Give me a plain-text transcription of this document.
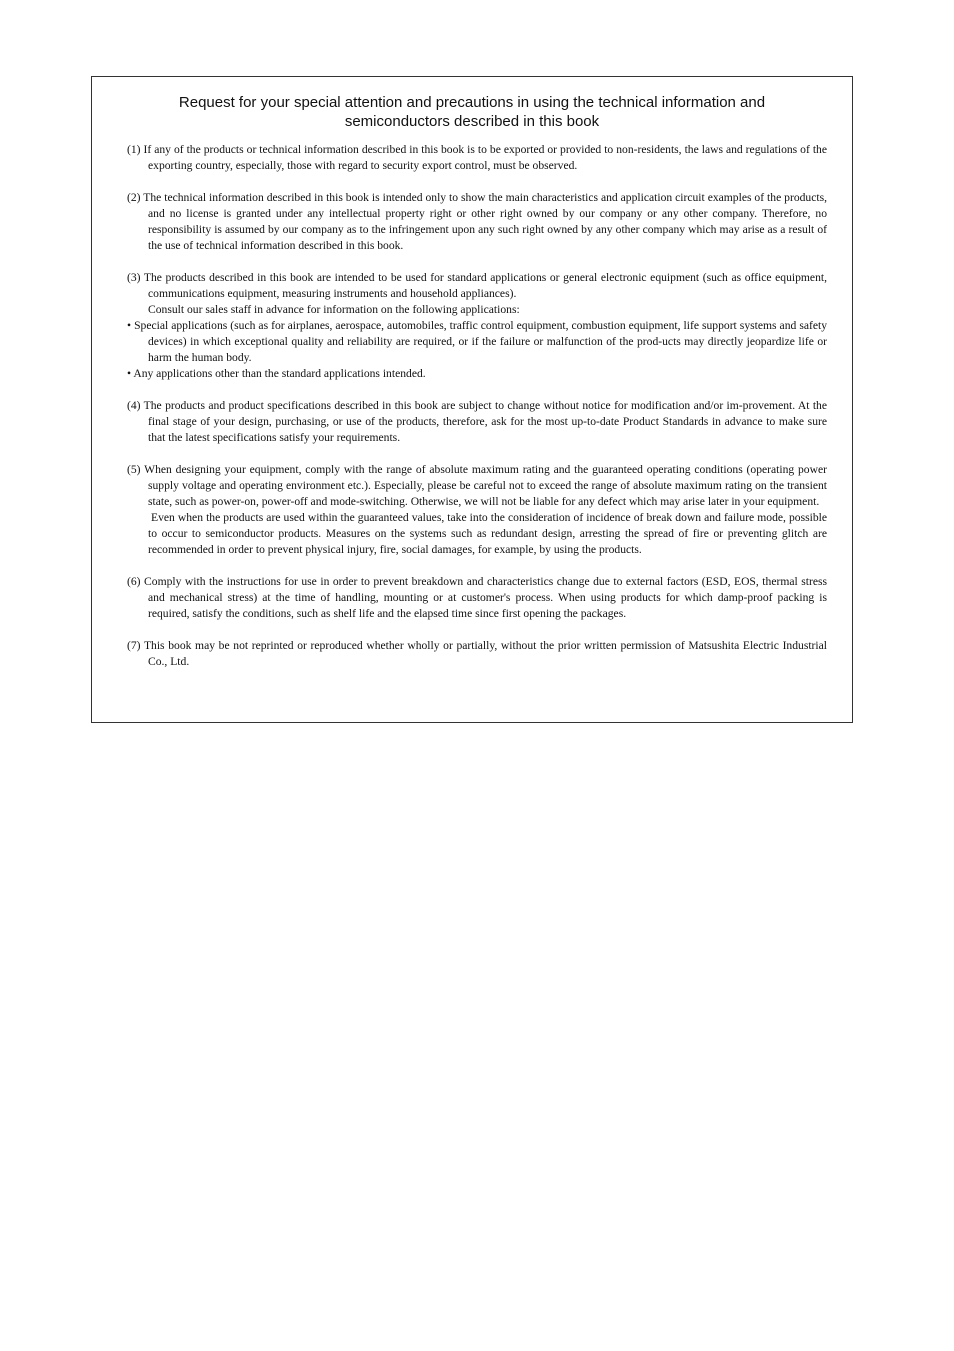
Request for your special attention and precautions in using the technical information and
semiconductors described in this book

(1) If any of the products or technical information described in this book is to be exported or provided to non-residents, the laws and regulations of the exporting country, especially, those with regard to security export control, must be observed.

(2) The technical information described in this book is intended only to show the main characteristics and application circuit examples of the products, and no license is granted under any intellectual property right or other right owned by our company or any other company. Therefore, no responsibility is assumed by our company as to the infringement upon any such right owned by any other company which may arise as a result of the use of technical information described in this book.

(3) The products described in this book are intended to be used for standard applications or general electronic equipment (such as office equipment, communications equipment, measuring instruments and household appliances).

Consult our sales staff in advance for information on the following applications:

• Special applications (such as for airplanes, aerospace, automobiles, traffic control equipment, combustion equipment, life support systems and safety devices) in which exceptional quality and reliability are required, or if the failure or malfunction of the prod-ucts may directly jeopardize life or harm the human body.

• Any applications other than the standard applications intended.

(4) The products and product specifications described in this book are subject to change without notice for modification and/or im-provement. At the final stage of your design, purchasing, or use of the products, therefore, ask for the most up-to-date Product Standards in advance to make sure that the latest specifications satisfy your requirements.

(5) When designing your equipment, comply with the range of absolute maximum rating and the guaranteed operating conditions (operating power supply voltage and operating environment etc.). Especially, please be careful not to exceed the range of absolute maximum rating on the transient state, such as power-on, power-off and mode-switching. Otherwise, we will not be liable for any defect which may arise later in your equipment.

Even when the products are used within the guaranteed values, take into the consideration of incidence of break down and failure mode, possible to occur to semiconductor products. Measures on the systems such as redundant design, arresting the spread of fire or preventing glitch are recommended in order to prevent physical injury, fire, social damages, for example, by using the products.

(6) Comply with the instructions for use in order to prevent breakdown and characteristics change due to external factors (ESD, EOS, thermal stress and mechanical stress) at the time of handling, mounting or at customer's process. When using products for which damp-proof packing is required, satisfy the conditions, such as shelf life and the elapsed time since first opening the packages.

(7) This book may be not reprinted or reproduced whether wholly or partially, without the prior written permission of Matsushita Electric Industrial Co., Ltd.
